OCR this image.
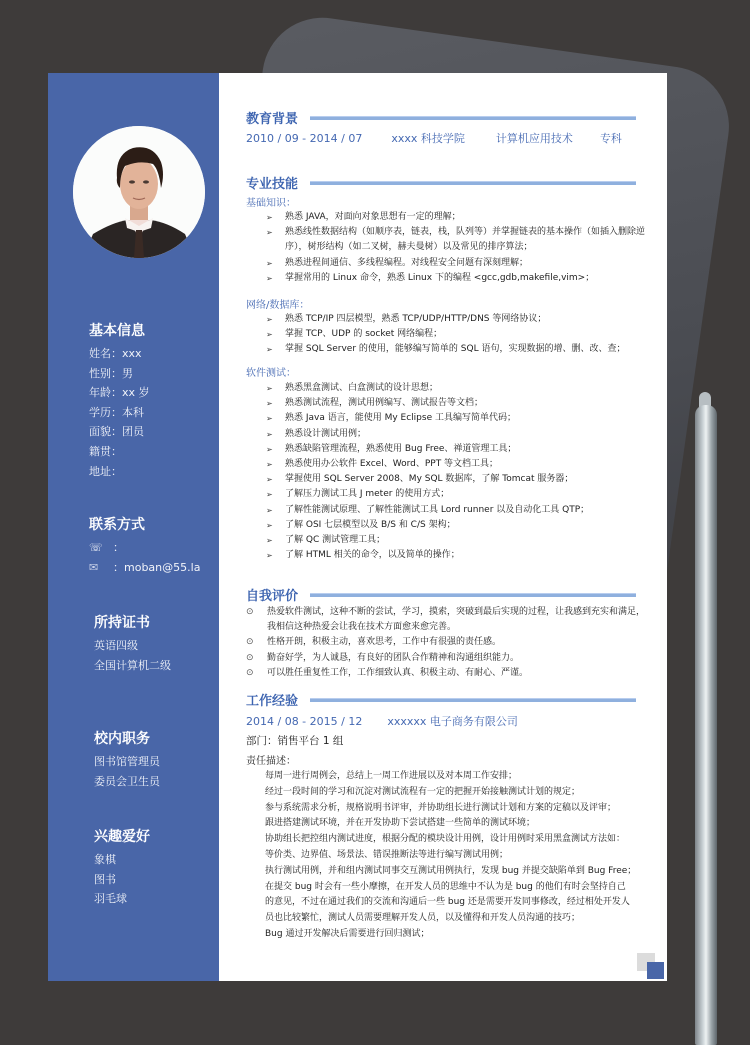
基本信息
姓名：xxx
性别：男
年龄：xx 岁
学历：本科
面貌：团员
籍贯：
地址：
联系方式
☏ ：
✉ ：moban@55.la
所持证书
英语四级
全国计算机二级
校内职务
图书馆管理员
委员会卫生员
兴趣爱好
象棋
图书
羽毛球
教育背景
2010 / 09 - 2014 / 07	xxxx 科技学院	计算机应用技术 专科
专业技能
基础知识：
➢ 熟悉 JAVA，对面向对象思想有一定的理解；
➢ 熟悉线性数据结构（如顺序表，链表，栈，队列等）并掌握链表的基本操作（如插入删除逆序），树形结构（如二叉树，赫夫曼树）以及常见的排序算法；
➢ 熟悉进程间通信、多线程编程。对线程安全问题有深刻理解；
➢ 掌握常用的 Linux 命令，熟悉 Linux 下的编程 <gcc,gdb,makefile,vim>；
网络/数据库：
➢ 熟悉 TCP/IP 四层模型，熟悉 TCP/UDP/HTTP/DNS 等网络协议；
➢ 掌握 TCP、UDP 的 socket 网络编程；
➢ 掌握 SQL Server 的使用，能够编写简单的 SQL 语句，实现数据的增、删、改、查；
软件测试：
➢ 熟悉黑盒测试、白盒测试的设计思想；
➢ 熟悉测试流程，测试用例编写、测试报告等文档；
➢ 熟悉 Java 语言，能使用 My Eclipse 工具编写简单代码；
➢ 熟悉设计测试用例；
➢ 熟悉缺陷管理流程，熟悉使用 Bug Free、禅道管理工具；
➢ 熟悉使用办公软件 Excel、Word、PPT 等文档工具；
➢ 掌握使用 SQL Server 2008、My SQL 数据库，了解 Tomcat 服务器；
➢ 了解压力测试工具 J meter 的使用方式；
➢ 了解性能测试原理、了解性能测试工具 Lord runner 以及自动化工具 QTP；
➢ 了解 OSI 七层模型以及 B/S 和 C/S 架构；
➢ 了解 QC 测试管理工具；
➢ 了解 HTML 相关的命令，以及简单的操作；
自我评价
⊙ 热爱软件测试，这种不断的尝试，学习，摸索，突破到最后实现的过程，让我感到充实和满足，我相信这种热爱会让我在技术方面愈来愈完善。
⊙ 性格开朗，积极主动，喜欢思考，工作中有很强的责任感。
⊙ 勤奋好学，为人诚恳，有良好的团队合作精神和沟通组织能力。
⊙ 可以胜任重复性工作，工作细致认真、积极主动、有耐心、严谨。
工作经验
2014 / 08 - 2015 / 12 xxxxxx 电子商务有限公司
部门：销售平台 1 组
责任描述：
每周一进行周例会，总结上一周工作进展以及对本周工作安排；
经过一段时间的学习和沉淀对测试流程有一定的把握开始接触测试计划的规定；
参与系统需求分析，规格说明书评审，并协助组长进行测试计划和方案的定稿以及评审；
跟进搭建测试环境，并在开发协助下尝试搭建一些简单的测试环境；
协助组长把控组内测试进度，根据分配的模块设计用例，设计用例时采用黑盒测试方法如：
等价类、边界值、场景法、错误推断法等进行编写测试用例；
执行测试用例，并和组内测试同事交互测试用例执行，发现 bug 并提交缺陷单到 Bug Free；
在提交 bug 时会有一些小摩擦，在开发人员的思维中不认为是 bug 的他们有时会坚持自己
的意见，不过在通过我们的交流和沟通后一些 bug 还是需要开发同事修改，经过相处开发人
员也比较繁忙，测试人员需要理解开发人员，以及懂得和开发人员沟通的技巧；
Bug 通过开发解决后需要进行回归测试；
